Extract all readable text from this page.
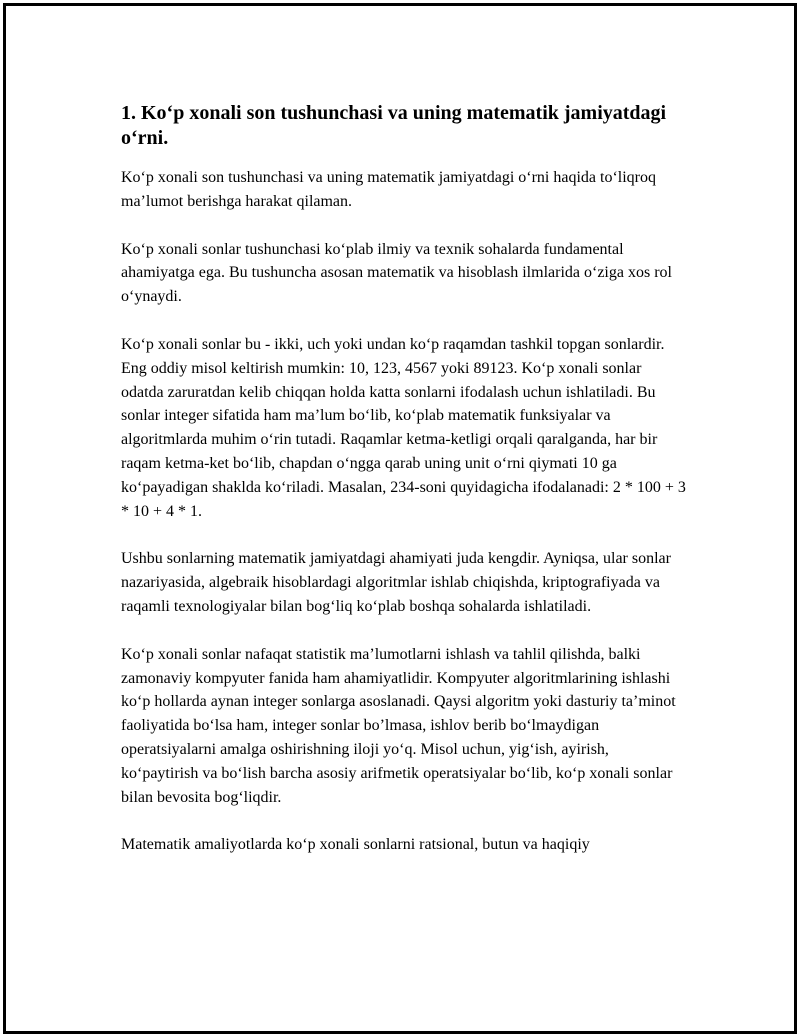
1. Ko‘p xonali son tushunchasi va uning matematik jamiyatdagi o‘rni.

Ko‘p xonali son tushunchasi va uning matematik jamiyatdagi o‘rni haqida to‘liqroq ma’lumot berishga harakat qilaman.

Ko‘p xonali sonlar tushunchasi ko‘plab ilmiy va texnik sohalarda fundamental ahamiyatga ega. Bu tushuncha asosan matematik va hisoblash ilmlarida o‘ziga xos rol o‘ynaydi.

Ko‘p xonali sonlar bu - ikki, uch yoki undan ko‘p raqamdan tashkil topgan sonlardir. Eng oddiy misol keltirish mumkin: 10, 123, 4567 yoki 89123. Ko‘p xonali sonlar odatda zaruratdan kelib chiqqan holda katta sonlarni ifodalash uchun ishlatiladi. Bu sonlar integer sifatida ham ma’lum bo‘lib, ko‘plab matematik funksiyalar va algoritmlarda muhim o‘rin tutadi. Raqamlar ketma-ketligi orqali qaralganda, har bir raqam ketma-ket bo‘lib, chapdan o‘ngga qarab uning unit o‘rni qiymati 10 ga ko‘payadigan shaklda ko‘riladi. Masalan, 234-soni quyidagicha ifodalanadi: 2 * 100 + 3 * 10 + 4 * 1.

Ushbu sonlarning matematik jamiyatdagi ahamiyati juda kengdir. Ayniqsa, ular sonlar nazariyasida, algebraik hisoblardagi algoritmlar ishlab chiqishda, kriptografiyada va raqamli texnologiyalar bilan bog‘liq ko‘plab boshqa sohalarda ishlatiladi.

Ko‘p xonali sonlar nafaqat statistik ma’lumotlarni ishlash va tahlil qilishda, balki zamonaviy kompyuter fanida ham ahamiyatlidir. Kompyuter algoritmlarining ishlashi ko‘p hollarda aynan integer sonlarga asoslanadi. Qaysi algoritm yoki dasturiy ta’minot faoliyatida bo‘lsa ham, integer sonlar bo’lmasa, ishlov berib bo‘lmaydigan operatsiyalarni amalga oshirishning iloji yo‘q. Misol uchun, yig‘ish, ayirish, ko‘paytirish va bo‘lish barcha asosiy arifmetik operatsiyalar bo‘lib, ko‘p xonali sonlar bilan bevosita bog‘liqdir.

Matematik amaliyotlarda ko‘p xonali sonlarni ratsional, butun va haqiqiy
